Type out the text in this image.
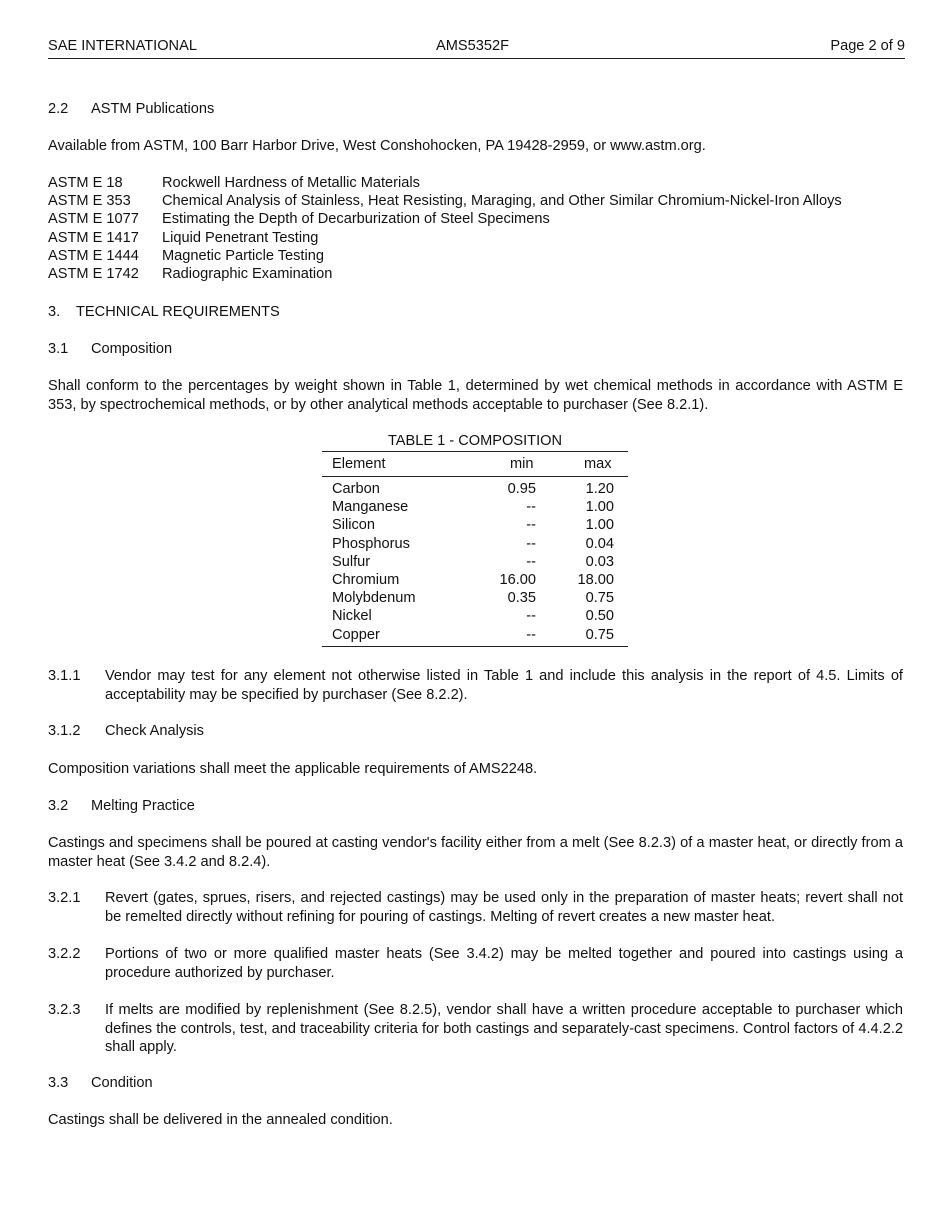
SAE INTERNATIONAL	AMS5352F	Page 2 of 9
2.2 ASTM Publications
Available from ASTM, 100 Barr Harbor Drive, West Conshohocken, PA 19428-2959, or www.astm.org.
ASTM E 18	Rockwell Hardness of Metallic Materials
ASTM E 353 Chemical Analysis of Stainless, Heat Resisting, Maraging, and Other Similar Chromium-Nickel-Iron Alloys
ASTM E 1077 Estimating the Depth of Decarburization of Steel Specimens
ASTM E 1417 Liquid Penetrant Testing
ASTM E 1444 Magnetic Particle Testing
ASTM E 1742 Radiographic Examination
3. TECHNICAL REQUIREMENTS
3.1 Composition
Shall conform to the percentages by weight shown in Table 1, determined by wet chemical methods in accordance with ASTM E 353, by spectrochemical methods, or by other analytical methods acceptable to purchaser (See 8.2.1).
TABLE 1 - COMPOSITION
Element	min	max
Carbon	0.95	1.20
Manganese	--	1.00
Silicon	--	1.00
Phosphorus	--	0.04
Sulfur	--	0.03
Chromium	16.00	18.00
Molybdenum	0.35	0.75
Nickel	--	0.50
Copper	--	0.75
3.1.1 Vendor may test for any element not otherwise listed in Table 1 and include this analysis in the report of 4.5. Limits of acceptability may be specified by purchaser (See 8.2.2).
3.1.2 Check Analysis
Composition variations shall meet the applicable requirements of AMS2248.
3.2 Melting Practice
Castings and specimens shall be poured at casting vendor's facility either from a melt (See 8.2.3) of a master heat, or directly from a master heat (See 3.4.2 and 8.2.4).
3.2.1 Revert (gates, sprues, risers, and rejected castings) may be used only in the preparation of master heats; revert shall not be remelted directly without refining for pouring of castings. Melting of revert creates a new master heat.
3.2.2 Portions of two or more qualified master heats (See 3.4.2) may be melted together and poured into castings using a procedure authorized by purchaser.
3.2.3 If melts are modified by replenishment (See 8.2.5), vendor shall have a written procedure acceptable to purchaser which defines the controls, test, and traceability criteria for both castings and separately-cast specimens. Control factors of 4.4.2.2 shall apply.
3.3 Condition
Castings shall be delivered in the annealed condition.
